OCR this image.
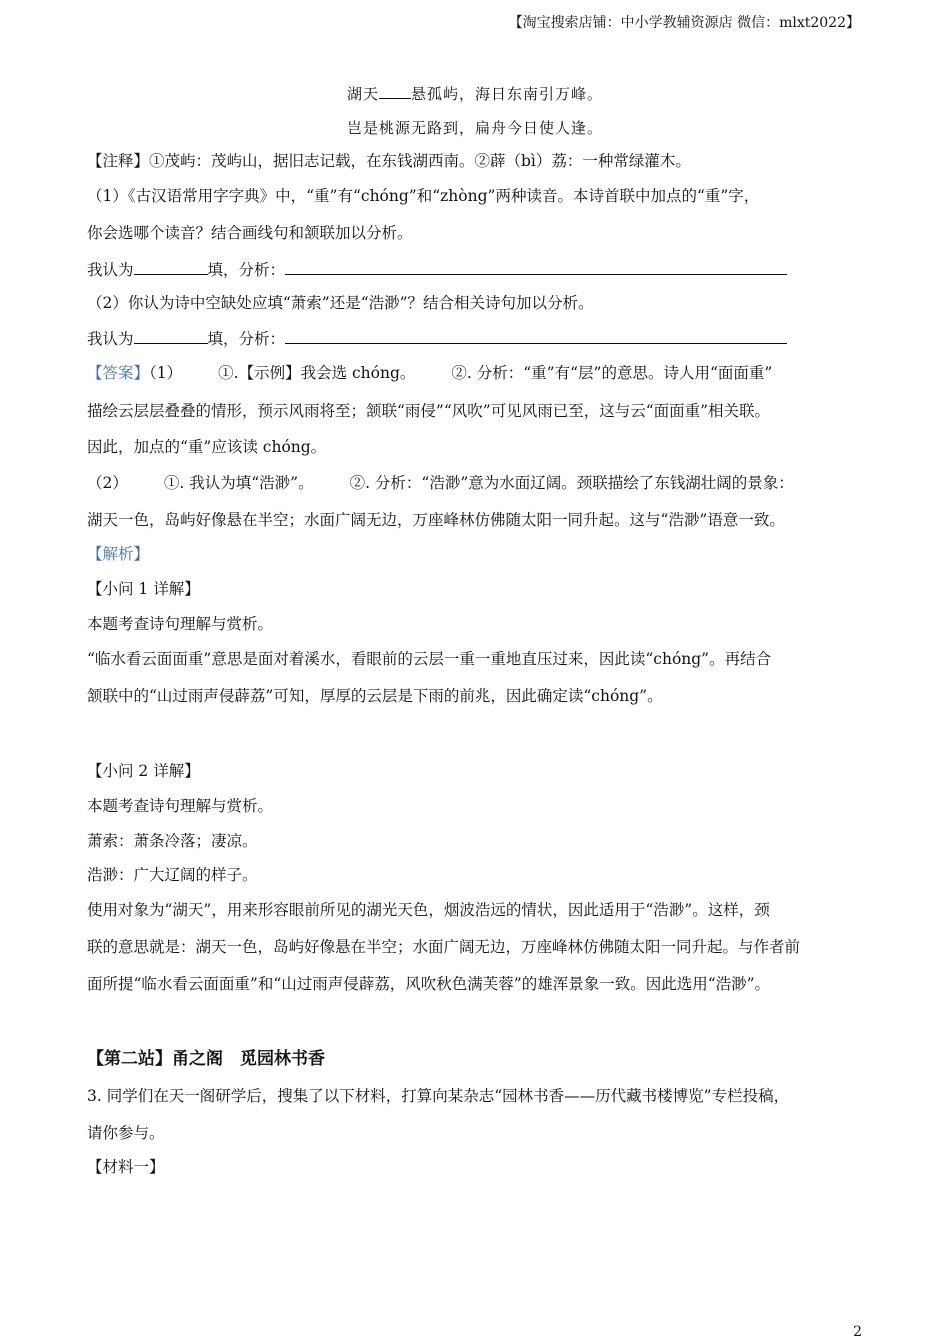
【淘宝搜索店铺：中小学教辅资源店 微信：mlxt2022】
湖天 悬孤屿，海日东南引万峰。
岂是桃源无路到，扁舟今日使人逢。
【注释】①茂屿：茂屿山，据旧志记载，在东钱湖西南。②薜（bì）荔：一种常绿灌木。
（1）《古汉语常用字字典》中，“重”有“chóng”和“zhòng”两种读音。本诗首联中加点的“重”字，
你会选哪个读音？结合画线句和颔联加以分析。
我认为	填，分析：
（2）你认为诗中空缺处应填“萧索”还是“浩渺”？结合相关诗句加以分析。
我认为	填，分析：
【答案】（1） ①.【示例】我会选 chóng。 ②. 分析：“重”有“层”的意思。诗人用“面面重”
描绘云层层叠叠的情形，预示风雨将至；颔联“雨侵”“风吹”可见风雨已至，这与云“面面重”相关联。
因此，加点的“重”应该读 chóng。
（2） ①. 我认为填“浩渺”。 ②. 分析：“浩渺”意为水面辽阔。颈联描绘了东钱湖壮阔的景象：
湖天一色，岛屿好像悬在半空；水面广阔无边，万座峰林仿佛随太阳一同升起。这与“浩渺”语意一致。
【解析】
【小问 1 详解】
本题考查诗句理解与赏析。
“临水看云面面重”意思是面对着溪水，看眼前的云层一重一重地直压过来，因此读“chóng”。再结合
颔联中的“山过雨声侵薜荔”可知，厚厚的云层是下雨的前兆，因此确定读“chóng”。
【小问 2 详解】
本题考查诗句理解与赏析。
萧索：萧条冷落；凄凉。
浩渺：广大辽阔的样子。
使用对象为“湖天”，用来形容眼前所见的湖光天色，烟波浩远的情状，因此适用于“浩渺”。这样，颈
联的意思就是：湖天一色，岛屿好像悬在半空；水面广阔无边，万座峰林仿佛随太阳一同升起。与作者前
面所提“临水看云面面重”和“山过雨声侵薜荔，风吹秋色满芙蓉”的雄浑景象一致。因此选用“浩渺”。
【第二站】甬之阁　觅园林书香
3. 同学们在天一阁研学后，搜集了以下材料，打算向某杂志“园林书香——历代藏书楼博览”专栏投稿，
请你参与。
【材料一】
2
